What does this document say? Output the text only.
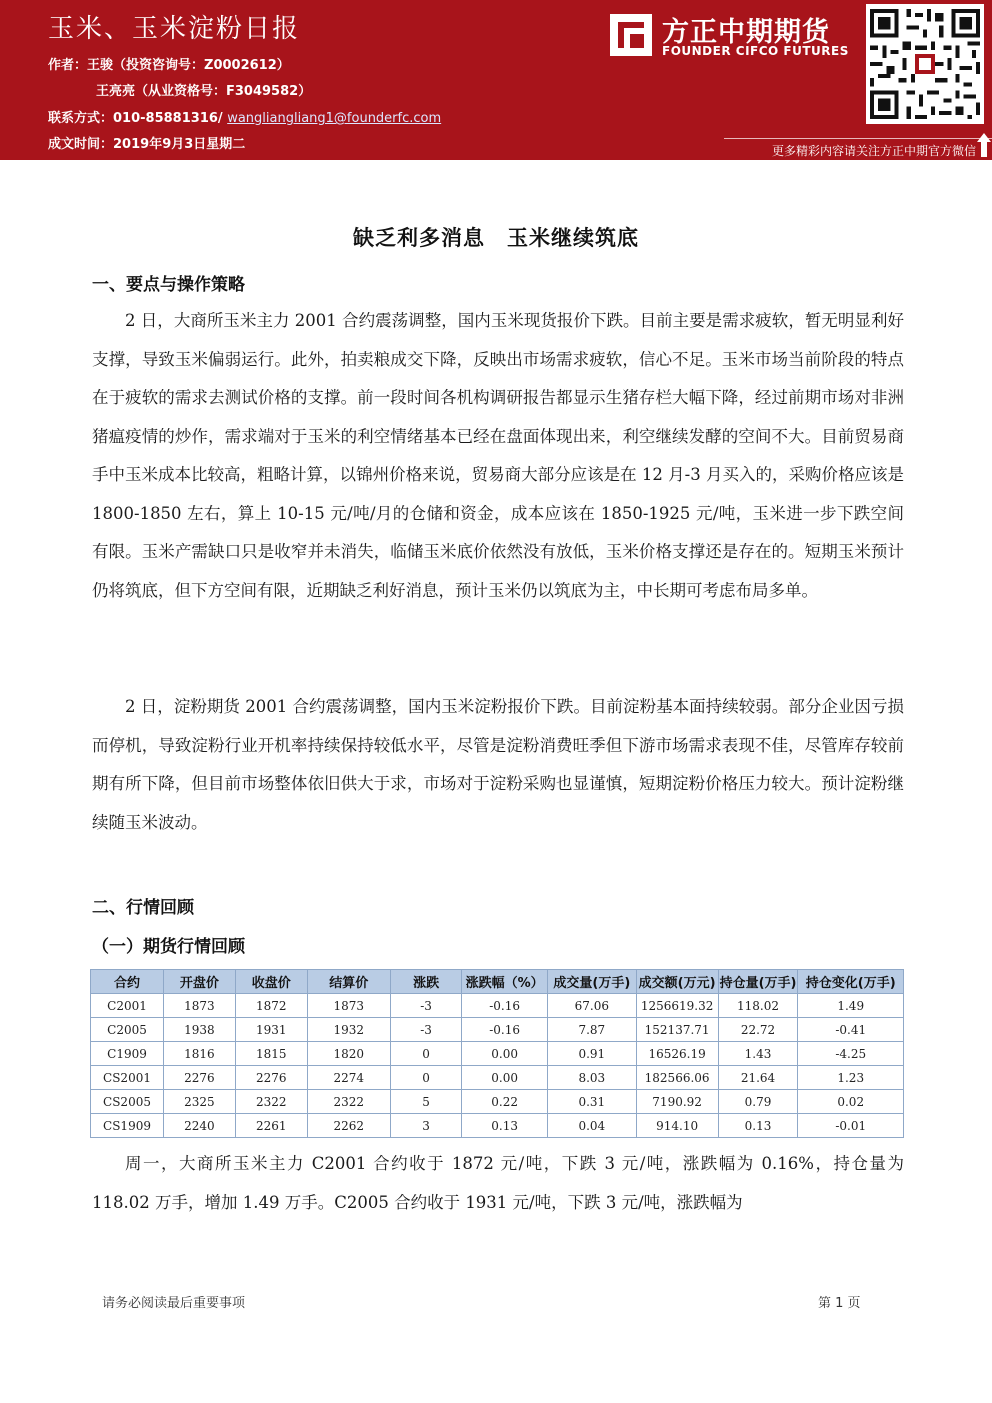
玉米、玉米淀粉日报
作者：王骏（投资咨询号：Z0002612）
王亮亮（从业资格号：F3049582）
联系方式：010-85881316/ wangliangliang1@founderfc.com
成文时间：2019年9月3日星期二
方正中期期货
FOUNDER CIFCO FUTURES
更多精彩内容请关注方正中期官方微信
缺乏利多消息　玉米继续筑底
一、要点与操作策略

2 日，大商所玉米主力 2001 合约震荡调整，国内玉米现货报价下跌。目前主要是需求疲软，暂无明显利好支撑，导致玉米偏弱运行。此外，拍卖粮成交下降，反映出市场需求疲软，信心不足。玉米市场当前阶段的特点在于疲软的需求去测试价格的支撑。前一段时间各机构调研报告都显示生猪存栏大幅下降，经过前期市场对非洲猪瘟疫情的炒作，需求端对于玉米的利空情绪基本已经在盘面体现出来，利空继续发酵的空间不大。目前贸易商手中玉米成本比较高，粗略计算，以锦州价格来说，贸易商大部分应该是在 12 月-3 月买入的，采购价格应该是 1800-1850 左右，算上 10-15 元/吨/月的仓储和资金，成本应该在 1850-1925 元/吨，玉米进一步下跌空间有限。玉米产需缺口只是收窄并未消失，临储玉米底价依然没有放低，玉米价格支撑还是存在的。短期玉米预计仍将筑底，但下方空间有限，近期缺乏利好消息，预计玉米仍以筑底为主，中长期可考虑布局多单。

2 日，淀粉期货 2001 合约震荡调整，国内玉米淀粉报价下跌。目前淀粉基本面持续较弱。部分企业因亏损而停机，导致淀粉行业开机率持续保持较低水平，尽管是淀粉消费旺季但下游市场需求表现不佳，尽管库存较前期有所下降，但目前市场整体依旧供大于求，市场对于淀粉采购也显谨慎，短期淀粉价格压力较大。预计淀粉继续随玉米波动。

二、行情回顾
（一）期货行情回顾
合约	开盘价	收盘价	结算价	涨跌	涨跌幅（%）	成交量(万手)	成交额(万元)	持仓量(万手)	持仓变化(万手)
C2001	1873	1872	1873	-3	-0.16	67.06	1256619.32	118.02	1.49
C2005	1938	1931	1932	-3	-0.16	7.87	152137.71	22.72	-0.41
C1909	1816	1815	1820	0	0.00	0.91	16526.19	1.43	-4.25
CS2001	2276	2276	2274	0	0.00	8.03	182566.06	21.64	1.23
CS2005	2325	2322	2322	5	0.22	0.31	7190.92	0.79	0.02
CS1909	2240	2261	2262	3	0.13	0.04	914.10	0.13	-0.01

周一，大商所玉米主力 C2001 合约收于 1872 元/吨，下跌 3 元/吨，涨跌幅为 0.16%，持仓量为 118.02 万手，增加 1.49 万手。C2005 合约收于 1931 元/吨，下跌 3 元/吨，涨跌幅为

请务必阅读最后重要事项	第 1 页
